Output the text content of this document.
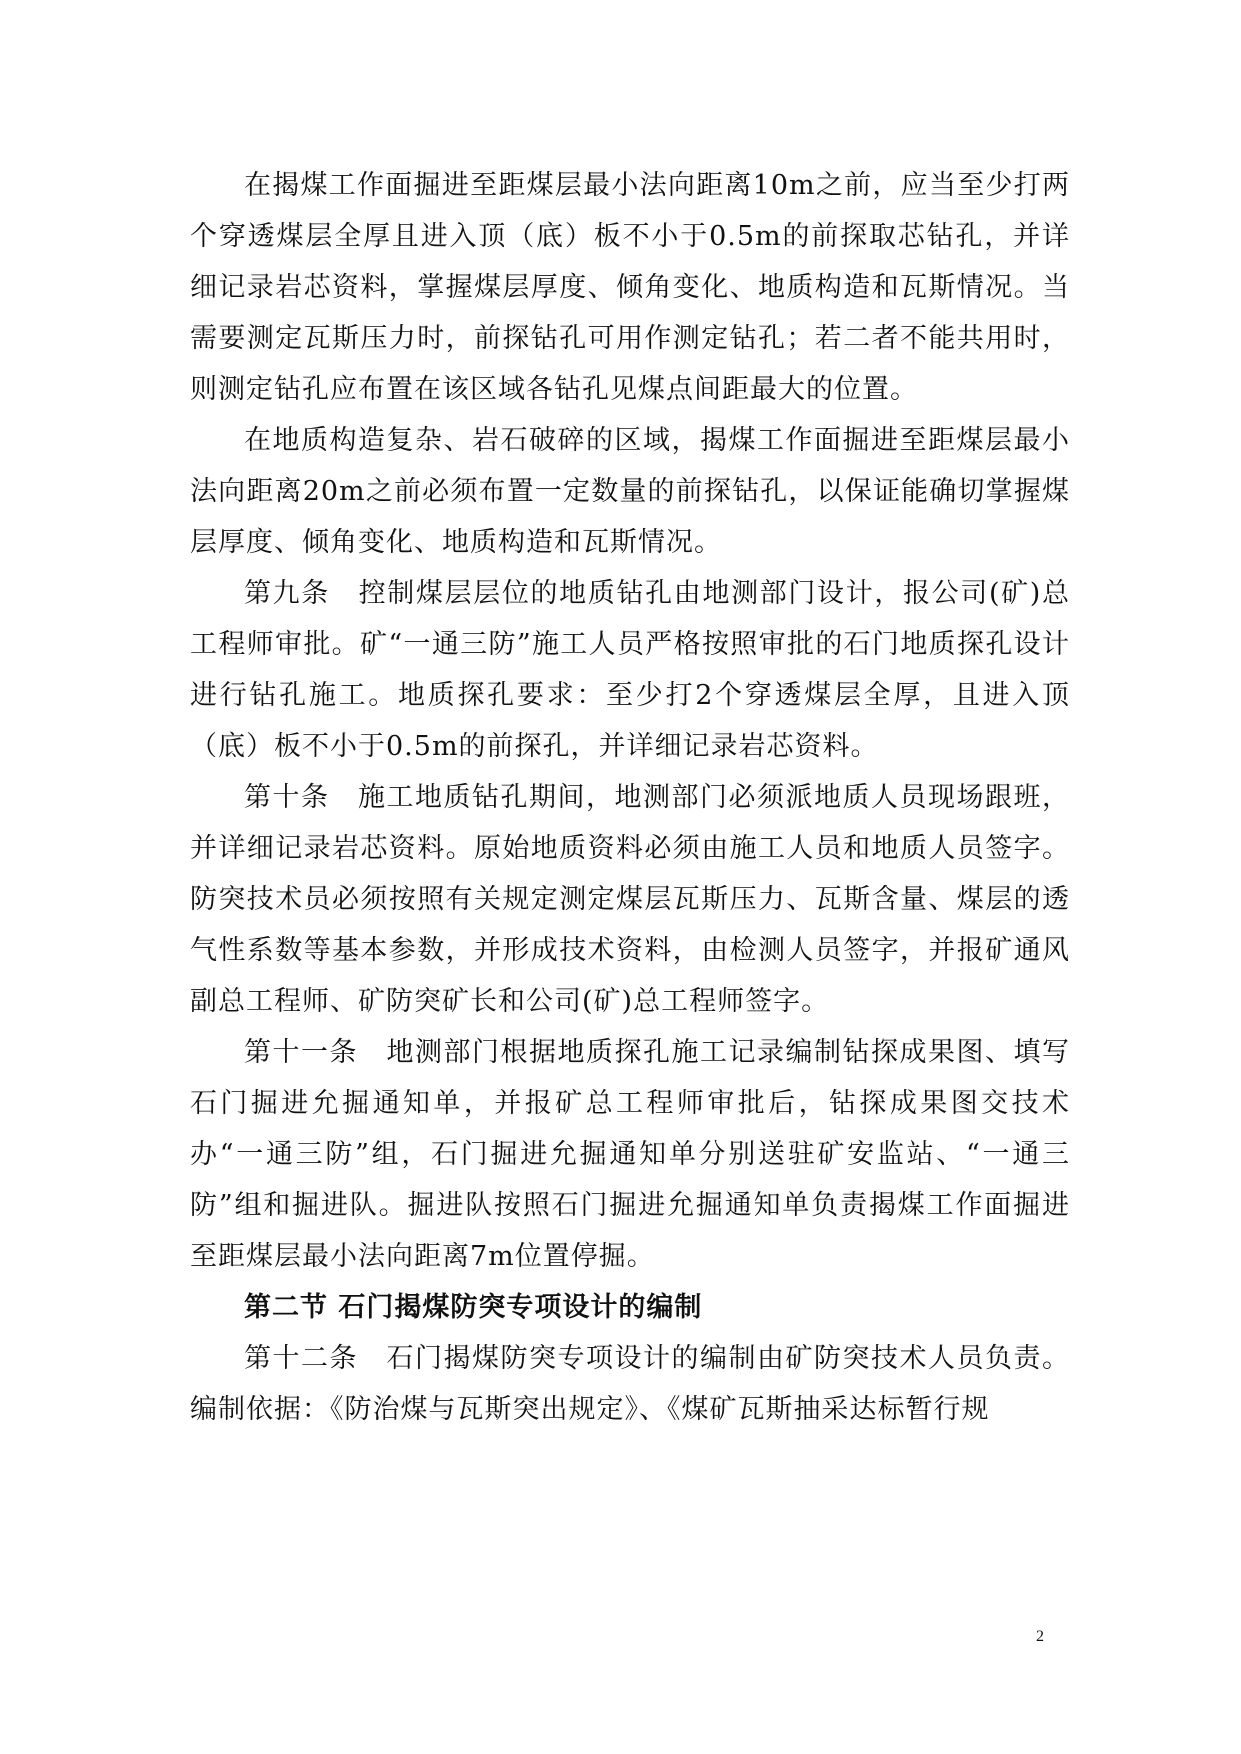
在揭煤工作面掘进至距煤层最小法向距离10m之前，应当至少打两个穿透煤层全厚且进入顶（底）板不小于0.5m的前探取芯钻孔，并详细记录岩芯资料，掌握煤层厚度、倾角变化、地质构造和瓦斯情况。当需要测定瓦斯压力时，前探钻孔可用作测定钻孔；若二者不能共用时，则测定钻孔应布置在该区域各钻孔见煤点间距最大的位置。

在地质构造复杂、岩石破碎的区域，揭煤工作面掘进至距煤层最小法向距离20m之前必须布置一定数量的前探钻孔，以保证能确切掌握煤层厚度、倾角变化、地质构造和瓦斯情况。

第九条　控制煤层层位的地质钻孔由地测部门设计，报公司(矿)总工程师审批。矿“一通三防”施工人员严格按照审批的石门地质探孔设计进行钻孔施工。地质探孔要求：至少打2个穿透煤层全厚，且进入顶（底）板不小于0.5m的前探孔，并详细记录岩芯资料。

第十条　施工地质钻孔期间，地测部门必须派地质人员现场跟班，并详细记录岩芯资料。原始地质资料必须由施工人员和地质人员签字。防突技术员必须按照有关规定测定煤层瓦斯压力、瓦斯含量、煤层的透气性系数等基本参数，并形成技术资料，由检测人员签字，并报矿通风副总工程师、矿防突矿长和公司(矿)总工程师签字。

第十一条　地测部门根据地质探孔施工记录编制钻探成果图、填写石门掘进允掘通知单，并报矿总工程师审批后，钻探成果图交技术办“一通三防”组，石门掘进允掘通知单分别送驻矿安监站、“一通三防”组和掘进队。掘进队按照石门掘进允掘通知单负责揭煤工作面掘进至距煤层最小法向距离7m位置停掘。

第二节 石门揭煤防突专项设计的编制

第十二条　石门揭煤防突专项设计的编制由矿防突技术人员负责。编制依据：《防治煤与瓦斯突出规定》、《煤矿瓦斯抽采达标暂行规

2
